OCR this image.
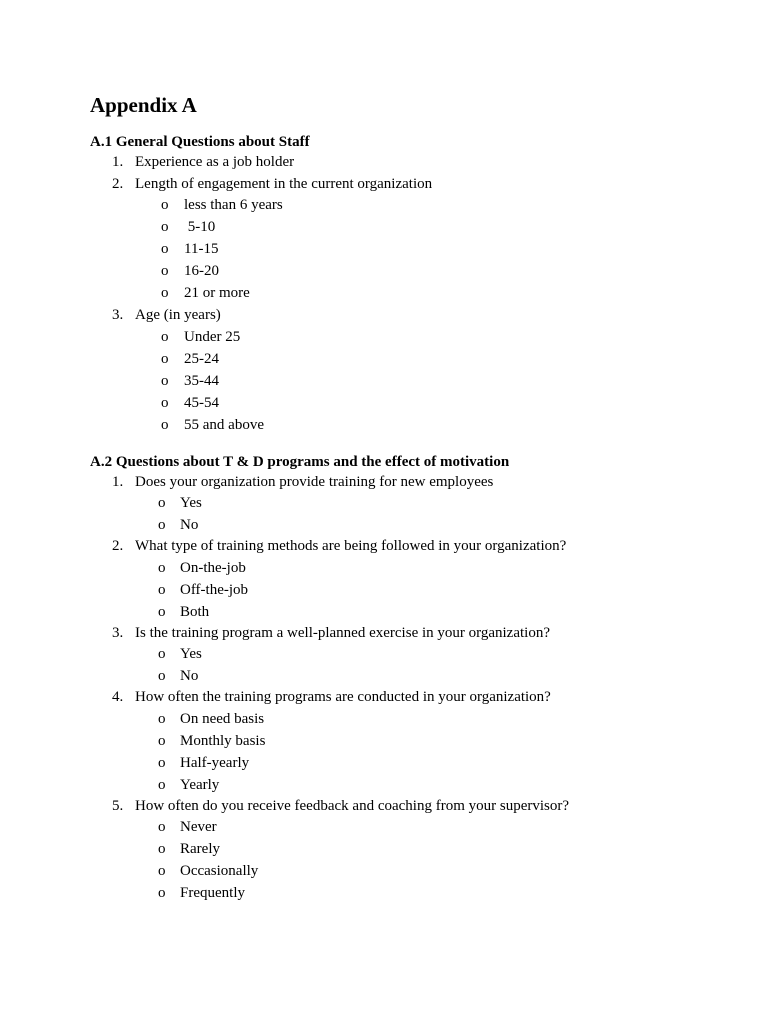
Appendix A
A.1 General Questions about Staff
1. Experience as a job holder
2. Length of engagement in the current organization
o less than 6 years
o 5-10
o 11-15
o 16-20
o 21 or more
3. Age (in years)
o Under 25
o 25-24
o 35-44
o 45-54
o 55 and above
A.2 Questions about T & D programs and the effect of motivation
1. Does your organization provide training for new employees
o Yes
o No
2. What type of training methods are being followed in your organization?
o On-the-job
o Off-the-job
o Both
3. Is the training program a well-planned exercise in your organization?
o Yes
o No
4. How often the training programs are conducted in your organization?
o On need basis
o Monthly basis
o Half-yearly
o Yearly
5. How often do you receive feedback and coaching from your supervisor?
o Never
o Rarely
o Occasionally
o Frequently
